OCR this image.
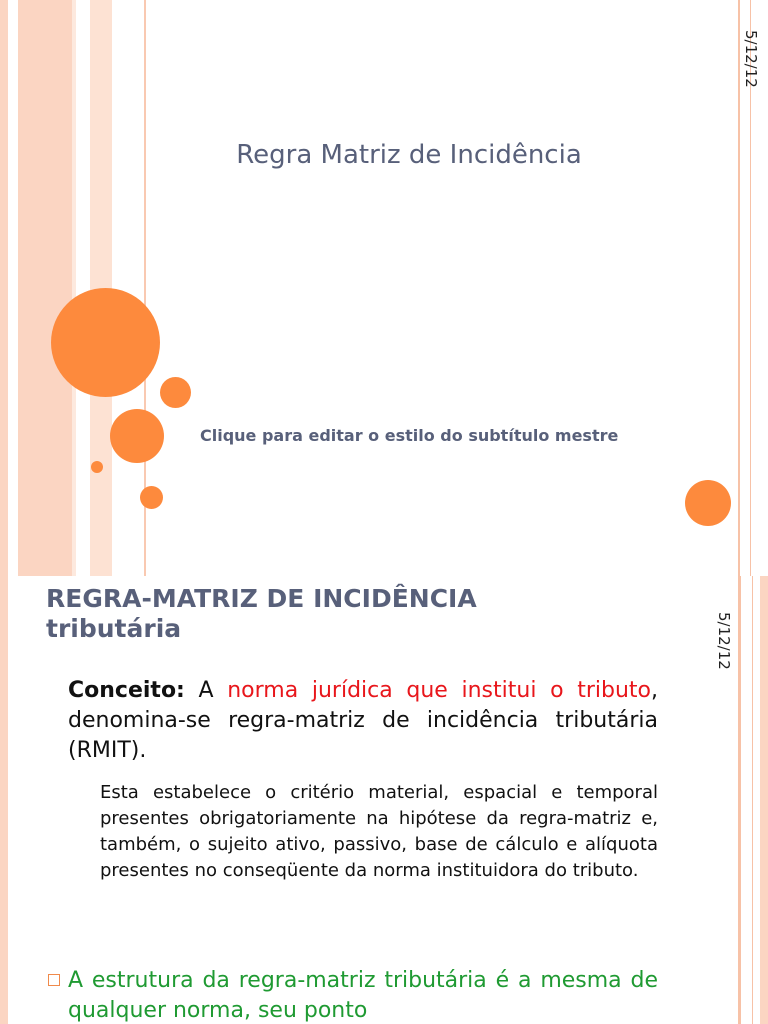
5/12/12
Regra Matriz de Incidência
Clique para editar o estilo do subtítulo mestre
5/12/12
REGRA-MATRIZ DE INCIDÊNCIA
tributária
Conceito: A norma jurídica que institui o tributo, denomina-se regra-matriz de incidência tributária (RMIT).
Esta estabelece o critério material, espacial e temporal presentes obrigatoriamente na hipótese da regra-matriz e, também, o sujeito ativo, passivo, base de cálculo e alíquota presentes no conseqüente da norma instituidora do tributo.
A estrutura da regra-matriz tributária é a mesma de qualquer norma, seu ponto
